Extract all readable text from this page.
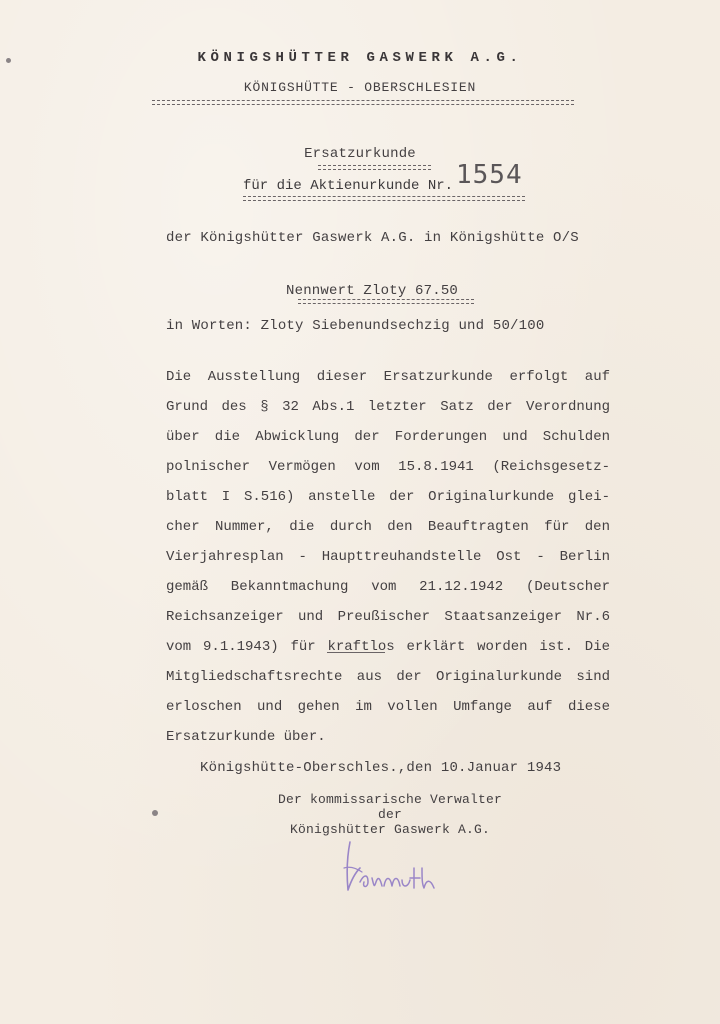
KÖNIGSHÜTTER GASWERK A.G.
KÖNIGSHÜTTE - OBERSCHLESIEN
Ersatzurkunde
für die Aktienurkunde Nr. 1554
der Königshütter Gaswerk A.G. in Königshütte O/S
Nennwert Zloty 67.50
in Worten: Zloty Siebenundsechzig und 50/100
Die Ausstellung dieser Ersatzurkunde erfolgt auf
Grund des § 32 Abs.1 letzter Satz der Verordnung
über die Abwicklung der Forderungen und Schulden
polnischer Vermögen vom 15.8.1941 (Reichsgesetz-
blatt I S.516) anstelle der Originalurkunde glei-
cher Nummer, die durch den Beauftragten für den
Vierjahresplan - Haupttreuhandstelle Ost - Berlin
gemäß Bekanntmachung vom 21.12.1942 (Deutscher
Reichsanzeiger und Preußischer Staatsanzeiger Nr.6
vom 9.1.1943) für kraftlos erklärt worden ist. Die
Mitgliedschaftsrechte aus der Originalurkunde sind
erloschen und gehen im vollen Umfange auf diese
Ersatzurkunde über.
Königshütte-Oberschles.,den 10.Januar 1943
Der kommissarische Verwalter
der
Königshütter Gaswerk A.G.
